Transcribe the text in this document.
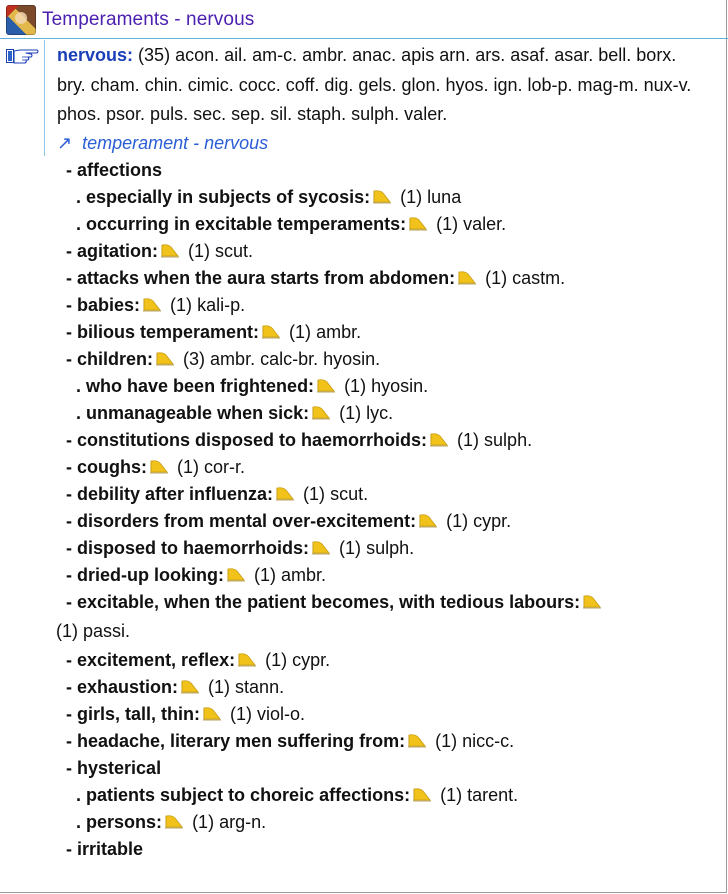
Temperaments - nervous
nervous: (35) acon. ail. am-c. ambr. anac. apis arn. ars. asaf. asar. bell. borx. bry. cham. chin. cimic. cocc. coff. dig. gels. glon. hyos. ign. lob-p. mag-m. nux-v. phos. psor. puls. sec. sep. sil. staph. sulph. valer.
↗ temperament - nervous
- affections
. especially in subjects of sycosis: (1) luna
. occurring in excitable temperaments: (1) valer.
- agitation: (1) scut.
- attacks when the aura starts from abdomen: (1) castm.
- babies: (1) kali-p.
- bilious temperament: (1) ambr.
- children: (3) ambr. calc-br. hyosin.
. who have been frightened: (1) hyosin.
. unmanageable when sick: (1) lyc.
- constitutions disposed to haemorrhoids: (1) sulph.
- coughs: (1) cor-r.
- debility after influenza: (1) scut.
- disorders from mental over-excitement: (1) cypr.
- disposed to haemorrhoids: (1) sulph.
- dried-up looking: (1) ambr.
- excitable, when the patient becomes, with tedious labours:
(1) passi.
- excitement, reflex: (1) cypr.
- exhaustion: (1) stann.
- girls, tall, thin: (1) viol-o.
- headache, literary men suffering from: (1) nicc-c.
- hysterical
. patients subject to choreic affections: (1) tarent.
. persons: (1) arg-n.
- irritable
